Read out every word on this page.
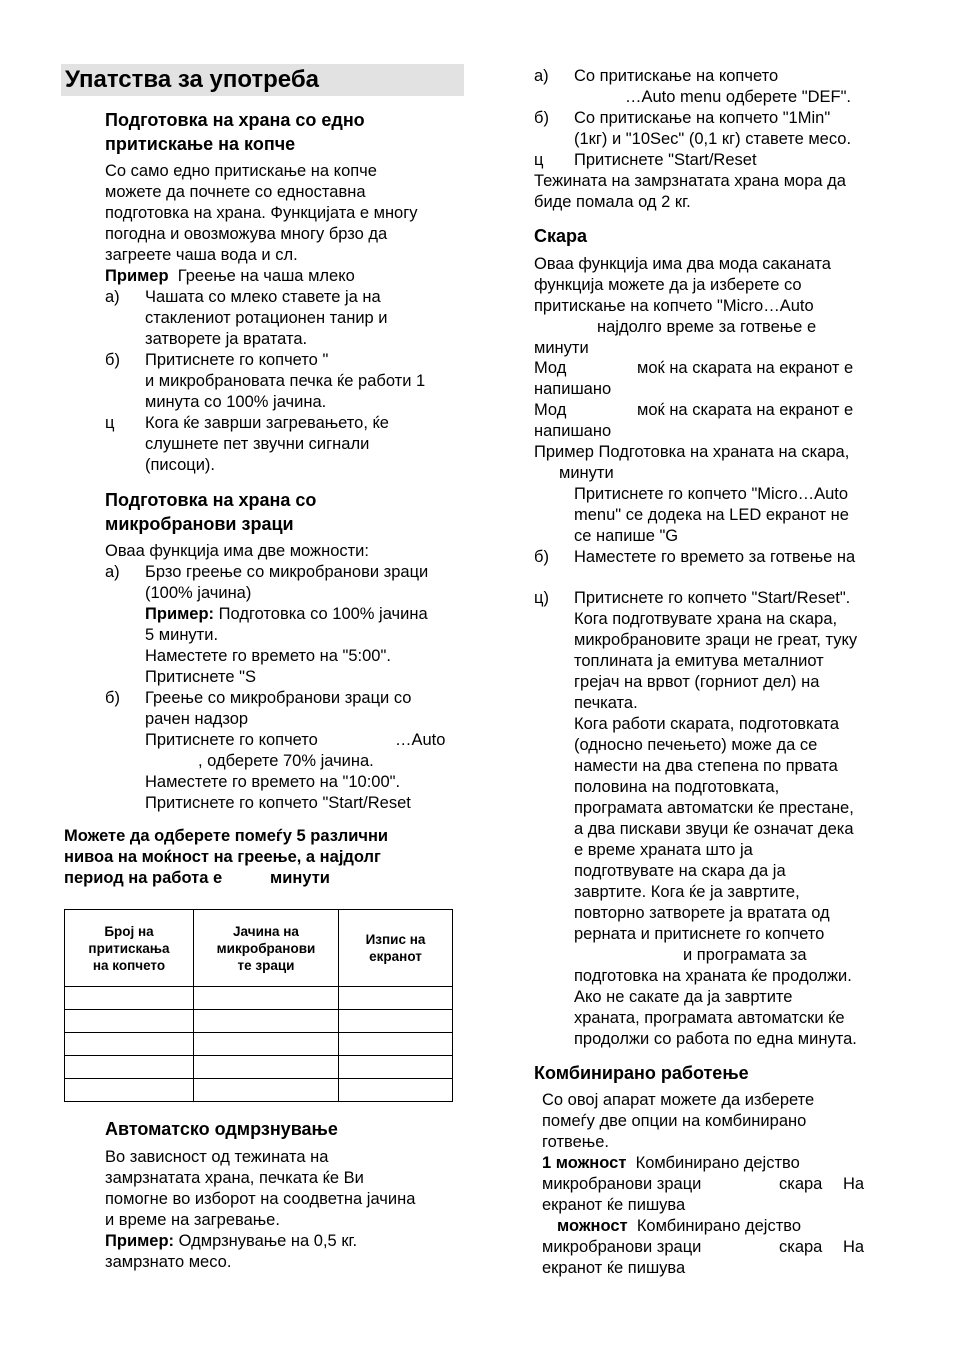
Упатства за употреба
Подготовка на храна со едно
притискање на копче
Со само едно притискање на копче
можете да почнете со едноставна
подготовка на храна. Функцијата е многу
погодна и овозможува многу брзо да
загреете чаша вода и сл.
Пример Греење на чаша млеко
а) Чашата со млеко ставете ја на
стаклениот ротационен танир и
затворете ја вратата.
б) Притиснете го копчето "
и микробрановата печка ќе работи 1
минута со 100% јачина.
ц Кога ќе заврши загревањето, ќе
слушнете пет звучни сигнали
(писоци).
Подготовка на храна со
микробранови зраци
Оваа функција има две можности:
а) Брзо греење со микробранови зраци
(100% јачина)
Пример: Подготовка со 100% јачина
5 минути.
Наместете го времето на "5:00".
Притиснете "S
б) Греење со микробранови зраци со
рачен надзор
Притиснете го копчето	…Auto
, одберете 70% јачина.
Наместете го времето на "10:00".
Притиснете го копчето "Start/Reset
Можете да одберете помеѓу 5 различни
нивоа на моќност на греење, а најдолг
период на работа е	минути
Број на
притискања
на копчето	Јачина на
микробранови
те зраци	Изпис на
екранот

Автоматско одмрзнување
Во зависност од тежината на
замрзнатата храна, печката ќе Ви
помогне во изборот на соодветна јачина
и време на загревање.
Пример: Одмрзнување на 0,5 кг.
замрзнато месо.
а) Со притискање на копчето
…Auto menu одберете "DEF".
б) Со притискање на копчето "1Min"
(1кг) и "10Sec" (0,1 кг) ставете месо.
ц Притиснете "Start/Reset
Тежината на замрзнатата храна мора да
биде помала од 2 кг.
Скара
Оваа функција има два мода саканата
функција можете да ја изберете со
притискање на копчето "Micro…Auto
најдолго време за готвење е
минути
Мод	моќ на скарата на екранот е
напишано
Мод	моќ на скарата на екранот е
напишано
Пример Подготовка на храната на скара,
минути
Притиснете го копчето "Micro…Auto
menu" се додека на LED екранот не
се напише "G
б) Наместете го времето за готвење на
ц) Притиснете го копчето "Start/Reset".
Кога подготвувате храна на скара,
микробрановите зраци не греат, туку
топлината ја емитува металниот
грејач на врвот (горниот дел) на
печката.
Кога работи скарата, подготовката
(односно печењето) може да се
намести на два степена по првата
половина на подготовката,
програмата автоматски ќе престане,
а два пискави звуци ќе означат дека
е време храната што ја
подготвувате на скара да ја
завртите. Кога ќе ја завртите,
повторно затворете ја вратата од
рерната и притиснете го копчето
и програмата за
подготовка на храната ќе продолжи.
Ако не сакате да ја завртите
храната, програмата автоматски ќе
продолжи со работа по една минута.
Комбинирано работење
Со овој апарат можете да изберете
помеѓу две опции на комбинирано
готвење.
1 можност Комбинирано дејство
микробранови зраци	скара На
екранот ќе пишува
можност Комбинирано дејство
микробранови зраци	скара На
екранот ќе пишува
